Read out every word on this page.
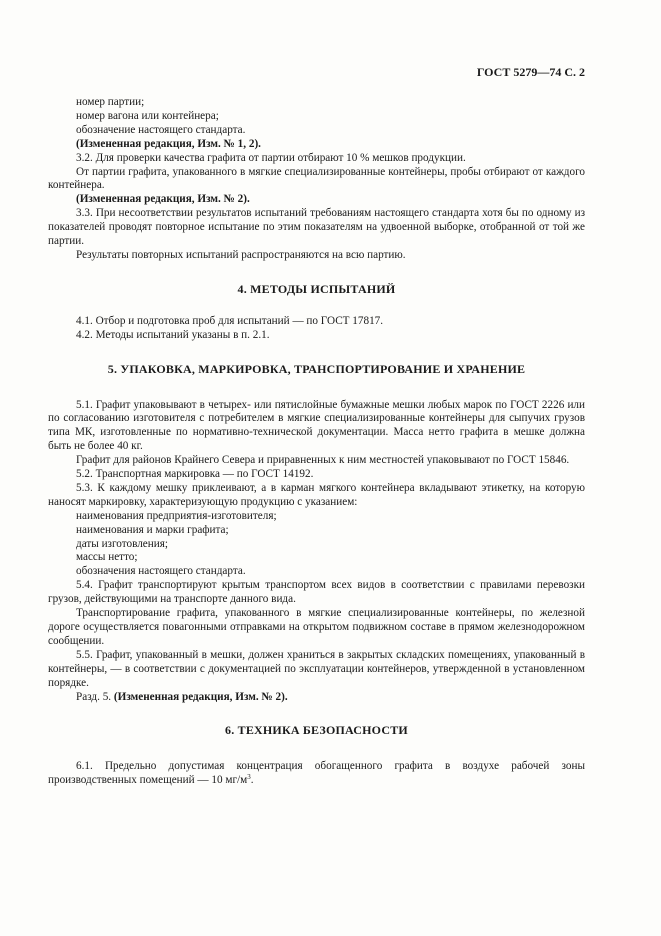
ГОСТ 5279—74 С. 2

номер партии;

номер вагона или контейнера;

обозначение настоящего стандарта.

(Измененная редакция, Изм. № 1, 2).

3.2. Для проверки качества графита от партии отбирают 10 % мешков продукции.

От партии графита, упакованного в мягкие специализированные контейнеры, пробы отбирают от каждого контейнера.

(Измененная редакция, Изм. № 2).

3.3. При несоответствии результатов испытаний требованиям настоящего стандарта хотя бы по одному из показателей проводят повторное испытание по этим показателям на удвоенной выборке, отобранной от той же партии.

Результаты повторных испытаний распространяются на всю партию.

4. МЕТОДЫ ИСПЫТАНИЙ

4.1. Отбор и подготовка проб для испытаний — по ГОСТ 17817.

4.2. Методы испытаний указаны в п. 2.1.

5. УПАКОВКА, МАРКИРОВКА, ТРАНСПОРТИРОВАНИЕ И ХРАНЕНИЕ

5.1. Графит упаковывают в четырех- или пятислойные бумажные мешки любых марок по ГОСТ 2226 или по согласованию изготовителя с потребителем в мягкие специализированные контейнеры для сыпучих грузов типа МК, изготовленные по нормативно-технической документации. Масса нетто графита в мешке должна быть не более 40 кг.

Графит для районов Крайнего Севера и приравненных к ним местностей упаковывают по ГОСТ 15846.

5.2. Транспортная маркировка — по ГОСТ 14192.

5.3. К каждому мешку приклеивают, а в карман мягкого контейнера вкладывают этикетку, на которую наносят маркировку, характеризующую продукцию с указанием:

наименования предприятия-изготовителя;

наименования и марки графита;

даты изготовления;

массы нетто;

обозначения настоящего стандарта.

5.4. Графит транспортируют крытым транспортом всех видов в соответствии с правилами перевозки грузов, действующими на транспорте данного вида.

Транспортирование графита, упакованного в мягкие специализированные контейнеры, по железной дороге осуществляется повагонными отправками на открытом подвижном составе в прямом железнодорожном сообщении.

5.5. Графит, упакованный в мешки, должен храниться в закрытых складских помещениях, упакованный в контейнеры, — в соответствии с документацией по эксплуатации контейнеров, утвержденной в установленном порядке.

Разд. 5. (Измененная редакция, Изм. № 2).

6. ТЕХНИКА БЕЗОПАСНОСТИ

6.1. Предельно допустимая концентрация обогащенного графита в воздухе рабочей зоны производственных помещений — 10 $мг/м^3$.
